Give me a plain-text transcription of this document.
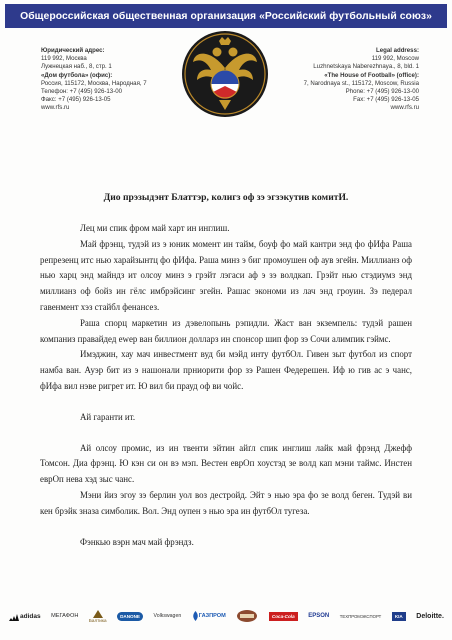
Общероссийская общественная организация «Российский футбольный союз»
Юридический адрес:
119 992, Москва
Лужнецкая наб., 8, стр. 1
«Дом футбола» (офис):
Россия, 115172, Москва, Народная, 7
Телефон: +7 (495) 926-13-00
Факс: +7 (495) 926-13-05
www.rfs.ru
Legal address:
119 992, Moscow
Luzhnetskaya Naberezhnaya., 8, bld. 1
«The House of Football» (office):
7, Narodnaya st., 115172, Moscow, Russia
Phone: +7 (495) 926-13-00
Fax: +7 (495) 926-13-05
www.rfs.ru
Дио прэзыдэнт Блаттэр, колигз оф зэ эгзэкутив комитИ.

Лец ми спик фром май харт ин инглиш.

Май фрэнц, тудэй из э юник момент ин тайм, боуф фо май кантри энд фо фИфа Раша репрезенц итс нью харайзынтц фо фИфа. Раша минз э биг промоушен оф аув эгейн. Миллианз оф нью харц энд майндз ит олсоу минз э грэйт лэгаси аф э зэ волдкап. Грэйт нью стэдиумз энд миллианз оф бойз ин гёлс имбрэйсинг эгейн. Рашас экономи из лач энд гроуин. Зэ педерал гавенмент хэз стайбл фенансез.

Раша спорц маркетин из дэвелопынь рэпидли. Жаст ван экземпель: тудэй рашен компаниз правайдед ewер ван биллион долларз ин спонсор шип фор зэ Сочи алимпик гэймс.

Имэджин, хау мач инвестмент вуд би мэйд инту футбОл. Гивен зыт футбол из спорт намба ван. Ауэр бит из э нашонали прниорити фор зэ Рашен Федерешен. Иф ю гив ас э чанс, фИфа вил нэве ригрет ит. Ю вил би прауд оф ви чойс.

Ай гаранти ит.

Ай олсоу промис, из ин твенти эйтин айґл спик инглиш лайк май фрэнд Джефф Томсон. Диа фрэнц. Ю кэн си он вэ мэп. Вестен еврОп хоустэд зе волд кап мэни таймс. Инстен еврОп нева хэд зыс чанс.

Мэни йиз эгоу зэ берлин уол воз дестройд. Эйт э нью эра фо зе волд беген. Тудэй ви кен брэйк зназа симболик. Вол. Энд оупен э нью эра ин футбОл тугеза.

Фэнкью вэрн мач май фрэндз.

adidas МЕГАФОН
Балтика
DANONE	Volkswagen	ГАЗПРОМ	Coca-Cola EPSON ТЕХПРОМЭКСПОРТ	KIA Deloitte.
